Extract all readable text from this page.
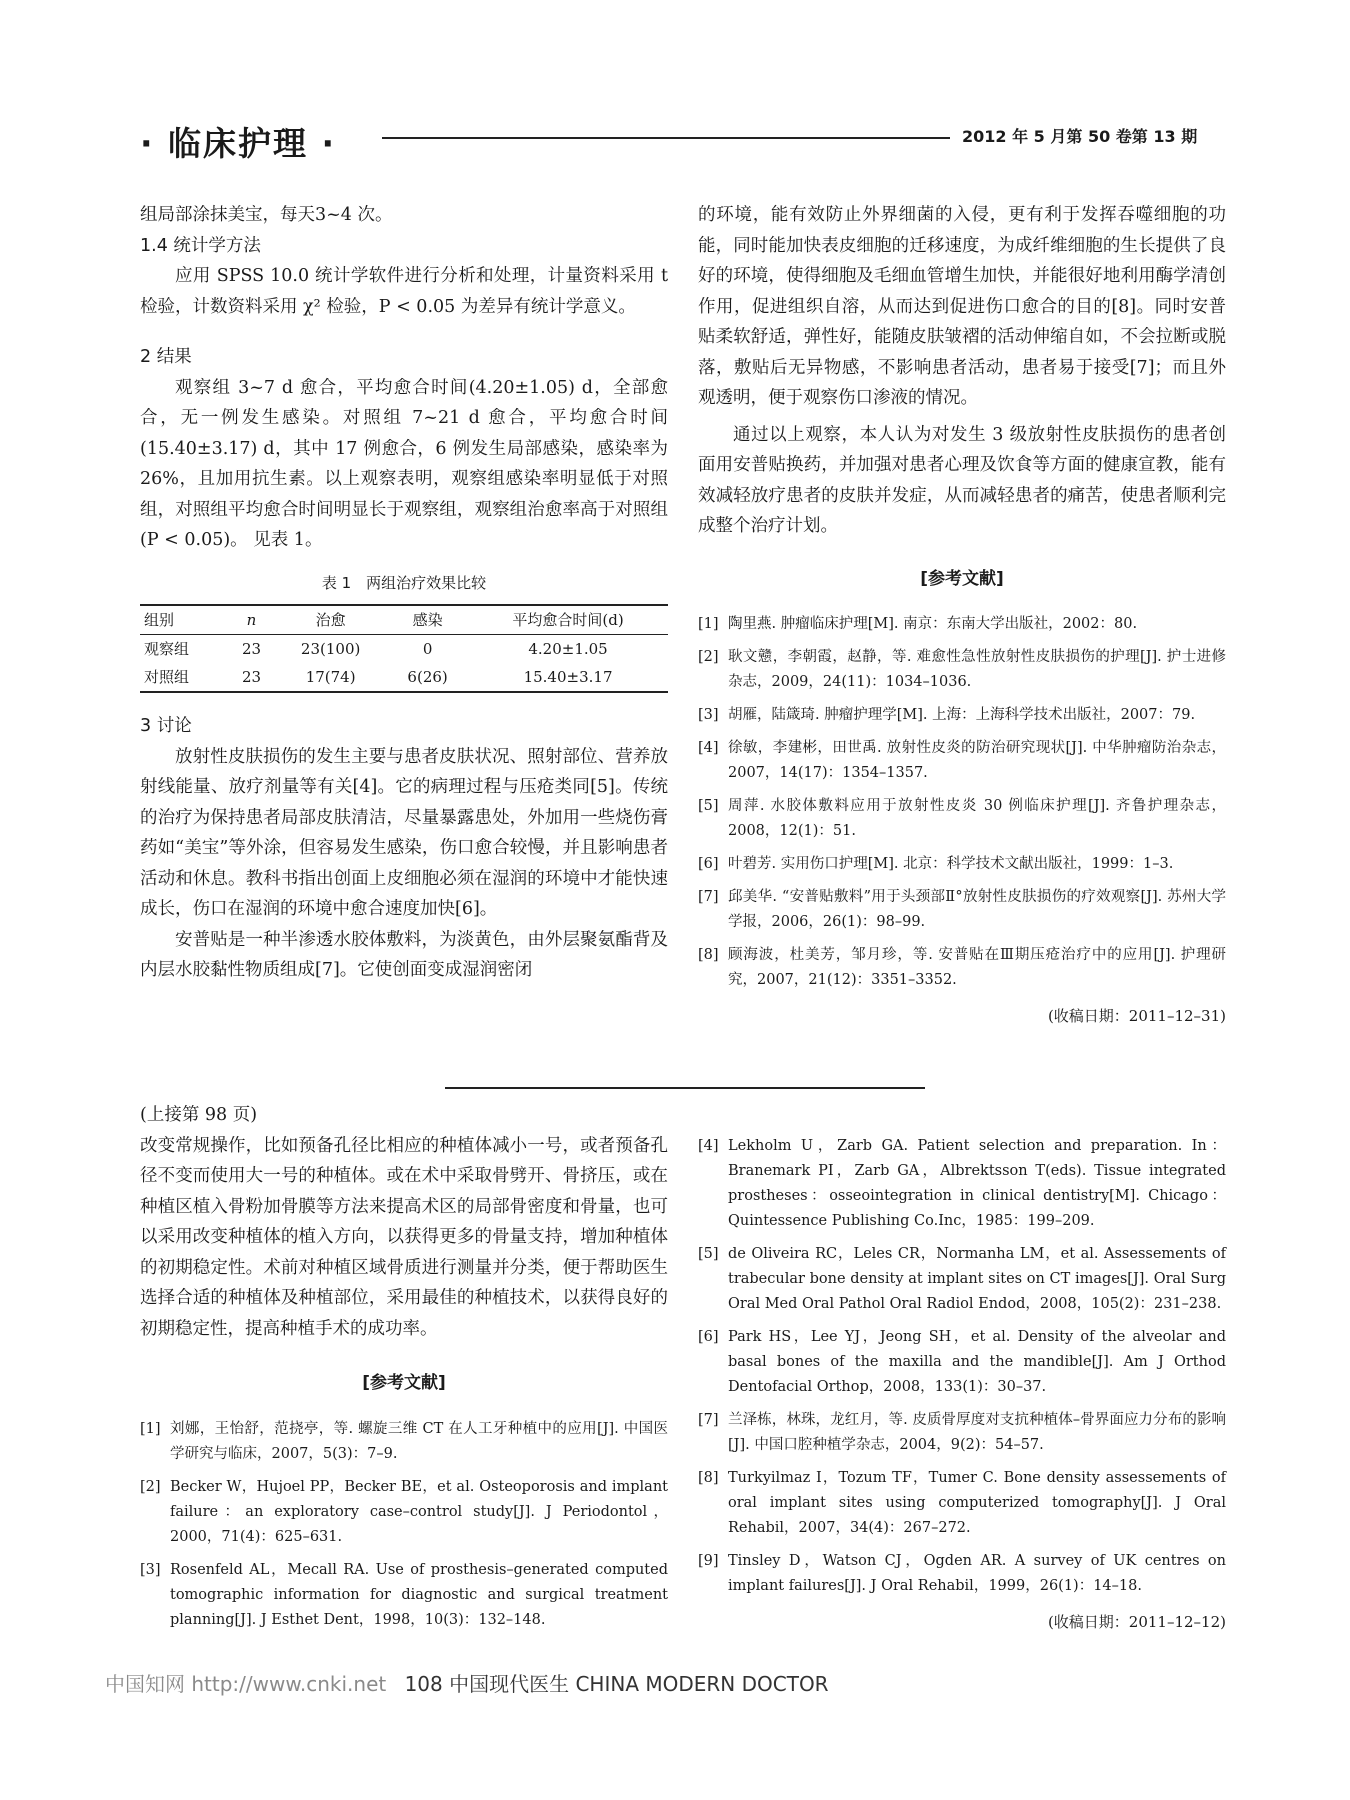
· 临床护理 ·	2012 年 5 月第 50 卷第 13 期

组局部涂抹美宝，每天3~4 次。

1.4 统计学方法

应用 SPSS 10.0 统计学软件进行分析和处理，计量资料采用 t 检验，计数资料采用 χ² 检验，P < 0.05 为差异有统计学意义。

2 结果

观察组 3~7 d 愈合，平均愈合时间(4.20±1.05) d，全部愈合，无一例发生感染。对照组 7~21 d 愈合，平均愈合时间(15.40±3.17) d，其中 17 例愈合，6 例发生局部感染，感染率为 26%，且加用抗生素。以上观察表明，观察组感染率明显低于对照组，对照组平均愈合时间明显长于观察组，观察组治愈率高于对照组(P < 0.05)。 见表 1。

表 1　两组治疗效果比较
组别	n	治愈	感染	平均愈合时间(d)
观察组	23	23(100)	0	4.20±1.05
对照组	23	17(74)	6(26)	15.40±3.17

3 讨论

放射性皮肤损伤的发生主要与患者皮肤状况、照射部位、营养放射线能量、放疗剂量等有关[4]。它的病理过程与压疮类同[5]。传统的治疗为保持患者局部皮肤清洁，尽量暴露患处，外加用一些烧伤膏药如“美宝”等外涂，但容易发生感染，伤口愈合较慢，并且影响患者活动和休息。教科书指出创面上皮细胞必须在湿润的环境中才能快速成长，伤口在湿润的环境中愈合速度加快[6]。

安普贴是一种半渗透水胶体敷料，为淡黄色，由外层聚氨酯背及内层水胶黏性物质组成[7]。它使创面变成湿润密闭

的环境，能有效防止外界细菌的入侵，更有利于发挥吞噬细胞的功能，同时能加快表皮细胞的迁移速度，为成纤维细胞的生长提供了良好的环境，使得细胞及毛细血管增生加快，并能很好地利用酶学清创作用，促进组织自溶，从而达到促进伤口愈合的目的[8]。同时安普贴柔软舒适，弹性好，能随皮肤皱褶的活动伸缩自如，不会拉断或脱落，敷贴后无异物感，不影响患者活动，患者易于接受[7]；而且外观透明，便于观察伤口渗液的情况。

通过以上观察，本人认为对发生 3 级放射性皮肤损伤的患者创面用安普贴换药，并加强对患者心理及饮食等方面的健康宣教，能有效减轻放疗患者的皮肤并发症，从而减轻患者的痛苦，使患者顺利完成整个治疗计划。

[参考文献]
[1] 陶里燕. 肿瘤临床护理[M]. 南京：东南大学出版社，2002：80.
[2] 耿文戆，李朝霞，赵静，等. 难愈性急性放射性皮肤损伤的护理[J]. 护士进修杂志，2009，24(11)：1034–1036.
[3] 胡雁，陆箴琦. 肿瘤护理学[M]. 上海：上海科学技术出版社，2007：79.
[4] 徐敏，李建彬，田世禹. 放射性皮炎的防治研究现状[J]. 中华肿瘤防治杂志，2007，14(17)：1354–1357.
[5] 周萍. 水胶体敷料应用于放射性皮炎 30 例临床护理[J]. 齐鲁护理杂志，2008，12(1)：51.
[6] 叶碧芳. 实用伤口护理[M]. 北京：科学技术文献出版社，1999：1–3.
[7] 邱美华. “安普贴敷料”用于头颈部Ⅱ°放射性皮肤损伤的疗效观察[J]. 苏州大学学报，2006，26(1)：98–99.
[8] 顾海波，杜美芳，邹月珍，等. 安普贴在Ⅲ期压疮治疗中的应用[J]. 护理研究，2007，21(12)：3351–3352.
(收稿日期：2011–12–31)

(上接第 98 页)

改变常规操作，比如预备孔径比相应的种植体减小一号，或者预备孔径不变而使用大一号的种植体。或在术中采取骨劈开、骨挤压，或在种植区植入骨粉加骨膜等方法来提高术区的局部骨密度和骨量，也可以采用改变种植体的植入方向，以获得更多的骨量支持，增加种植体的初期稳定性。术前对种植区域骨质进行测量并分类，便于帮助医生选择合适的种植体及种植部位，采用最佳的种植技术，以获得良好的初期稳定性，提高种植手术的成功率。

[参考文献]
[1] 刘娜，王怡舒，范挠亭，等. 螺旋三维 CT 在人工牙种植中的应用[J]. 中国医学研究与临床，2007，5(3)：7–9.
[2] Becker W，Hujoel PP，Becker BE，et al. Osteoporosis and implant failure：an exploratory case–control study[J]. J Periodontol，2000，71(4)：625–631.
[3] Rosenfeld AL，Mecall RA. Use of prosthesis–generated computed tomographic information for diagnostic and surgical treatment planning[J]. J Esthet Dent，1998，10(3)：132–148.
[4] Lekholm U，Zarb GA. Patient selection and preparation. In：Branemark PI，Zarb GA，Albrektsson T(eds). Tissue integrated prostheses：osseointegration in clinical dentistry[M]. Chicago：Quintessence Publishing Co.Inc，1985：199–209.
[5] de Oliveira RC，Leles CR，Normanha LM，et al. Assessements of trabecular bone density at implant sites on CT images[J]. Oral Surg Oral Med Oral Pathol Oral Radiol Endod，2008，105(2)：231–238.
[6] Park HS，Lee YJ，Jeong SH，et al. Density of the alveolar and basal bones of the maxilla and the mandible[J]. Am J Orthod Dentofacial Orthop，2008，133(1)：30–37.
[7] 兰泽栋，林珠，龙红月，等. 皮质骨厚度对支抗种植体–骨界面应力分布的影响[J]. 中国口腔种植学杂志，2004，9(2)：54–57.
[8] Turkyilmaz I，Tozum TF，Tumer C. Bone density assessements of oral implant sites using computerized tomography[J]. J Oral Rehabil，2007，34(4)：267–272.
[9] Tinsley D，Watson CJ，Ogden AR. A survey of UK centres on implant failures[J]. J Oral Rehabil，1999，26(1)：14–18.
(收稿日期：2011–12–12)
中国知网 http://www.cnki.net 108 中国现代医生 CHINA MODERN DOCTOR
